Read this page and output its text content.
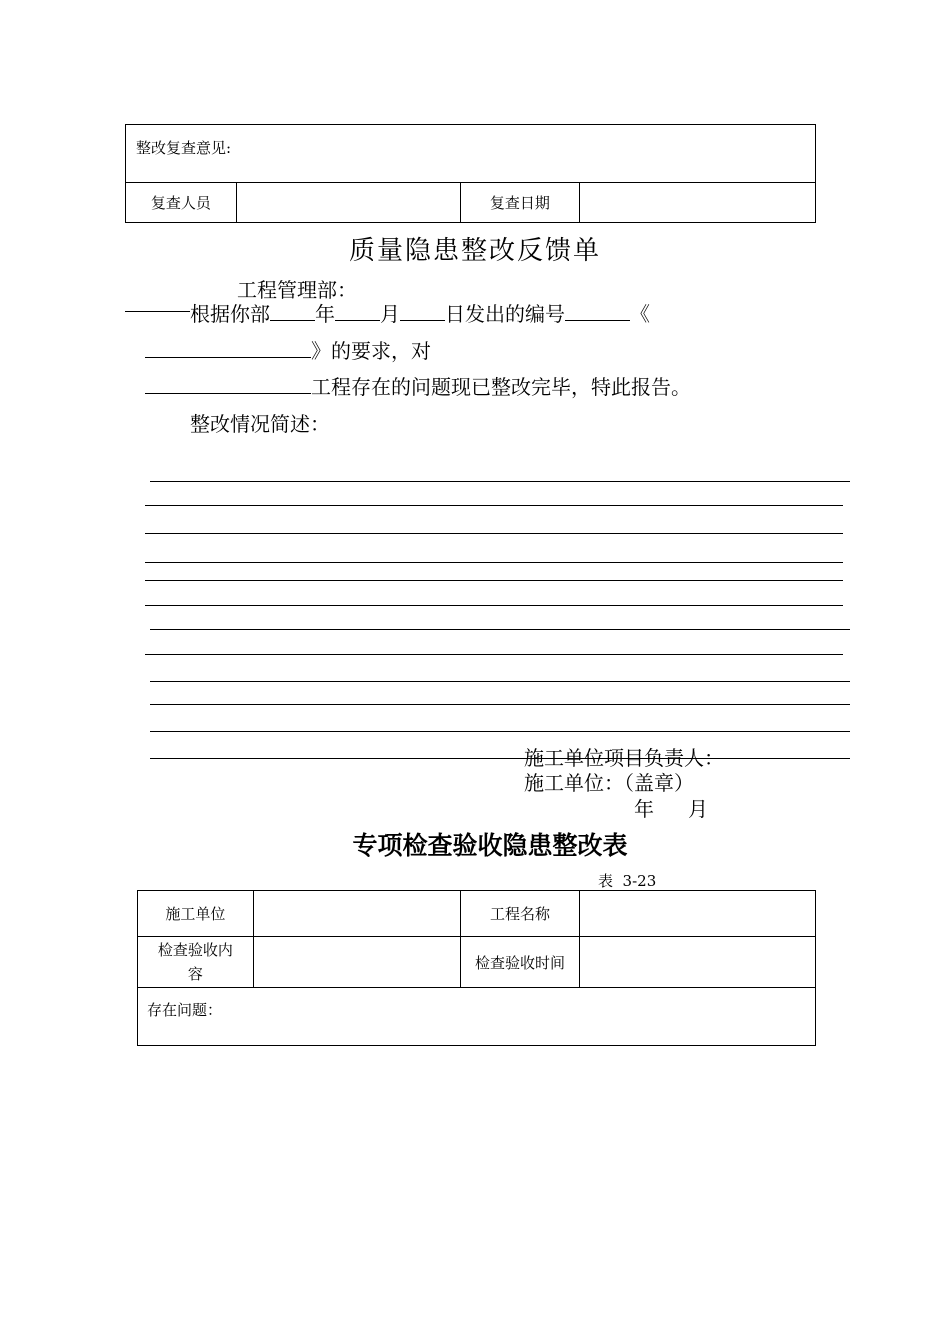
整改复查意见:
复查人员		复查日期	
质量隐患整改反馈单
工程管理部：
根据你部 年 月 日发出的编号	《
》的要求，对
工程存在的问题现已整改完毕，特此报告。
整改情况简述：
施工单位项目负责人：
施工单位：（盖章）
年 月
专项检查验收隐患整改表
表  3-23
施工单位		工程名称	
检查验收内容		检查验收时间	
存在问题：			
